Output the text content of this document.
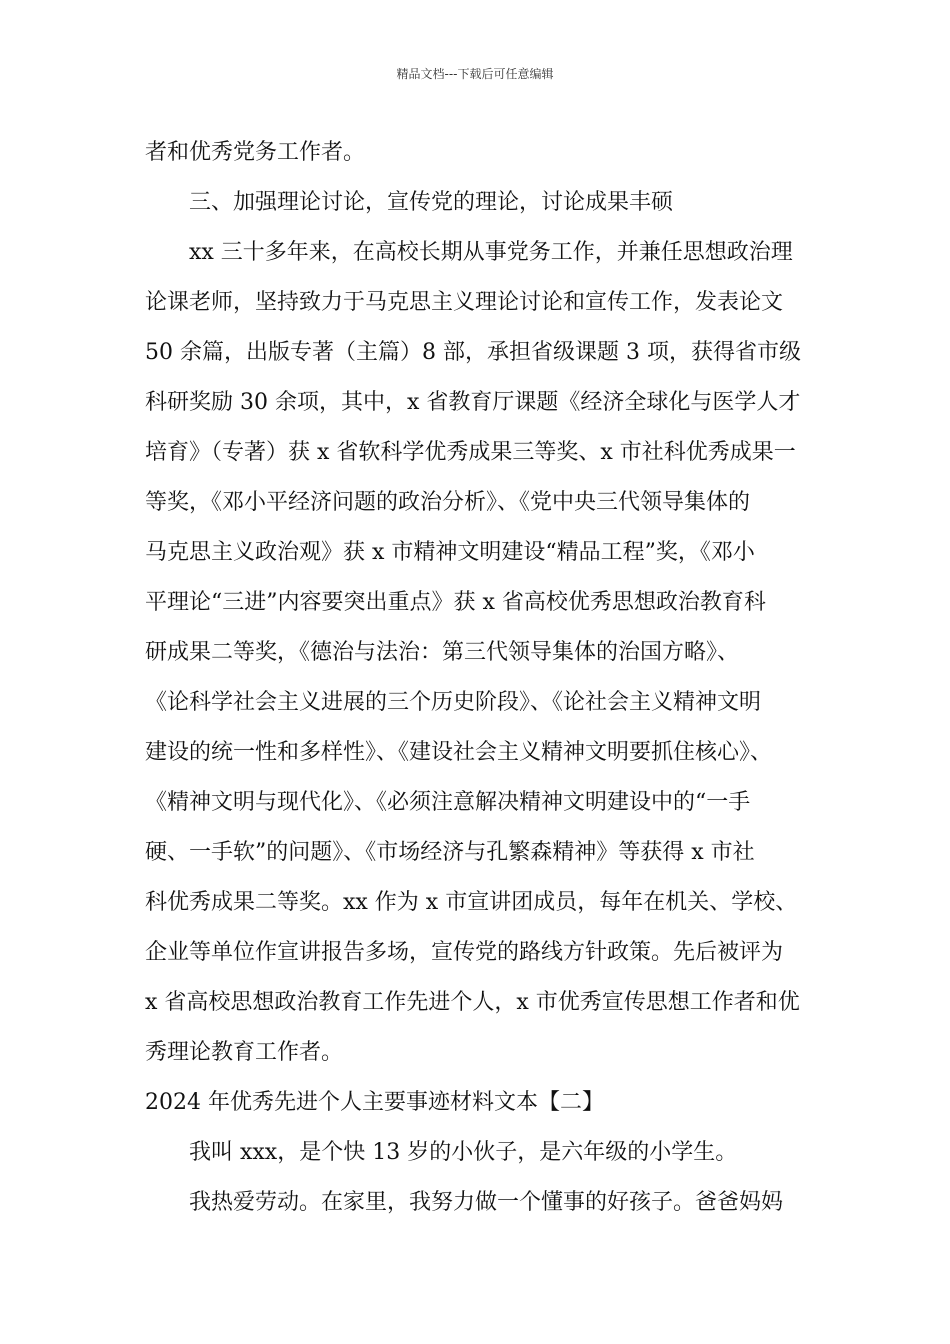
精品文档---下载后可任意编辑
者和优秀党务工作者。
三、加强理论讨论，宣传党的理论，讨论成果丰硕
xx 三十多年来，在高校长期从事党务工作，并兼任思想政治理
论课老师，坚持致力于马克思主义理论讨论和宣传工作，发表论文
50 余篇，出版专著（主篇）8 部，承担省级课题 3 项，获得省市级
科研奖励 30 余项，其中，x 省教育厅课题《经济全球化与医学人才
培育》（专著）获 x 省软科学优秀成果三等奖、x 市社科优秀成果一
等奖，《邓小平经济问题的政治分析》、《党中央三代领导集体的
马克思主义政治观》获 x 市精神文明建设“精品工程”奖，《邓小
平理论“三进”内容要突出重点》获 x 省高校优秀思想政治教育科
研成果二等奖，《德治与法治：第三代领导集体的治国方略》、
《论科学社会主义进展的三个历史阶段》、《论社会主义精神文明
建设的统一性和多样性》、《建设社会主义精神文明要抓住核心》、
《精神文明与现代化》、《必须注意解决精神文明建设中的“一手
硬、一手软”的问题》、《市场经济与孔繁森精神》等获得 x 市社
科优秀成果二等奖。xx 作为 x 市宣讲团成员，每年在机关、学校、
企业等单位作宣讲报告多场，宣传党的路线方针政策。先后被评为
x 省高校思想政治教育工作先进个人，x 市优秀宣传思想工作者和优
秀理论教育工作者。
2024 年优秀先进个人主要事迹材料文本【二】
我叫 xxx，是个快 13 岁的小伙子，是六年级的小学生。
我热爱劳动。在家里，我努力做一个懂事的好孩子。爸爸妈妈
